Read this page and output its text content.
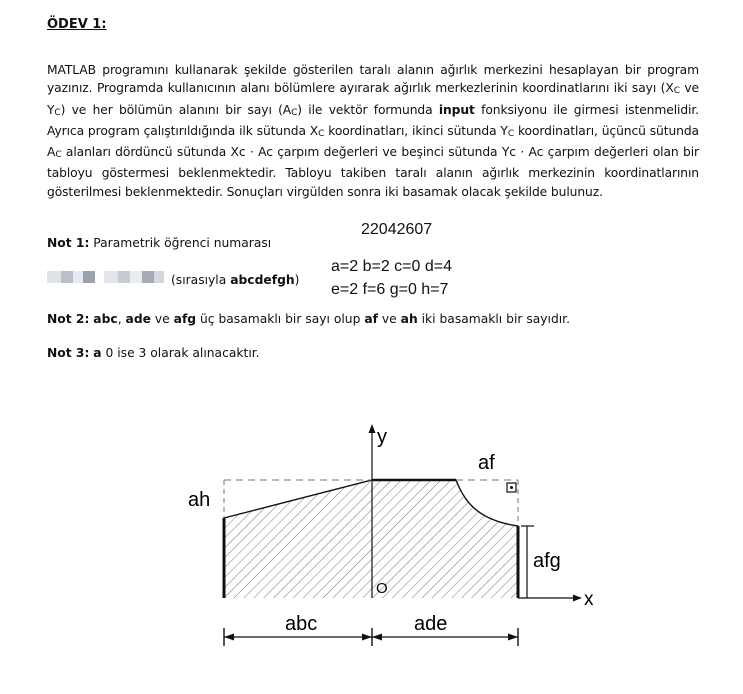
ÖDEV 1:
MATLAB programını kullanarak şekilde gösterilen taralı alanın ağırlık merkezini hesaplayan bir program yazınız. Programda kullanıcının alanı bölümlere ayırarak ağırlık merkezlerinin koordinatlarını iki sayı (XC ve YC) ve her bölümün alanını bir sayı (AC) ile vektör formunda input fonksiyonu ile girmesi istenmelidir. Ayrıca program çalıştırıldığında ilk sütunda XC koordinatları, ikinci sütunda YC koordinatları, üçüncü sütunda AC alanları dördüncü sütunda Xc · Ac çarpım değerleri ve beşinci sütunda Yc · Ac çarpım değerleri olan bir tabloyu göstermesi beklenmektedir. Tabloyu takiben taralı alanın ağırlık merkezinin koordinatlarının gösterilmesi beklenmektedir. Sonuçları virgülden sonra iki basamak olacak şekilde bulunuz.
Not 1: Parametrik öğrenci numarası
22042607
a=2 b=2 c=0 d=4
e=2 f=6 g=0 h=7
(sırasıyla abcdefgh)
Not 2: abc, ade ve afg üç basamaklı bir sayı olup af ve ah iki basamaklı bir sayıdır.
Not 3: a 0 ise 3 olarak alınacaktır.
y
x
O
ah
af
afg
abc	ade
